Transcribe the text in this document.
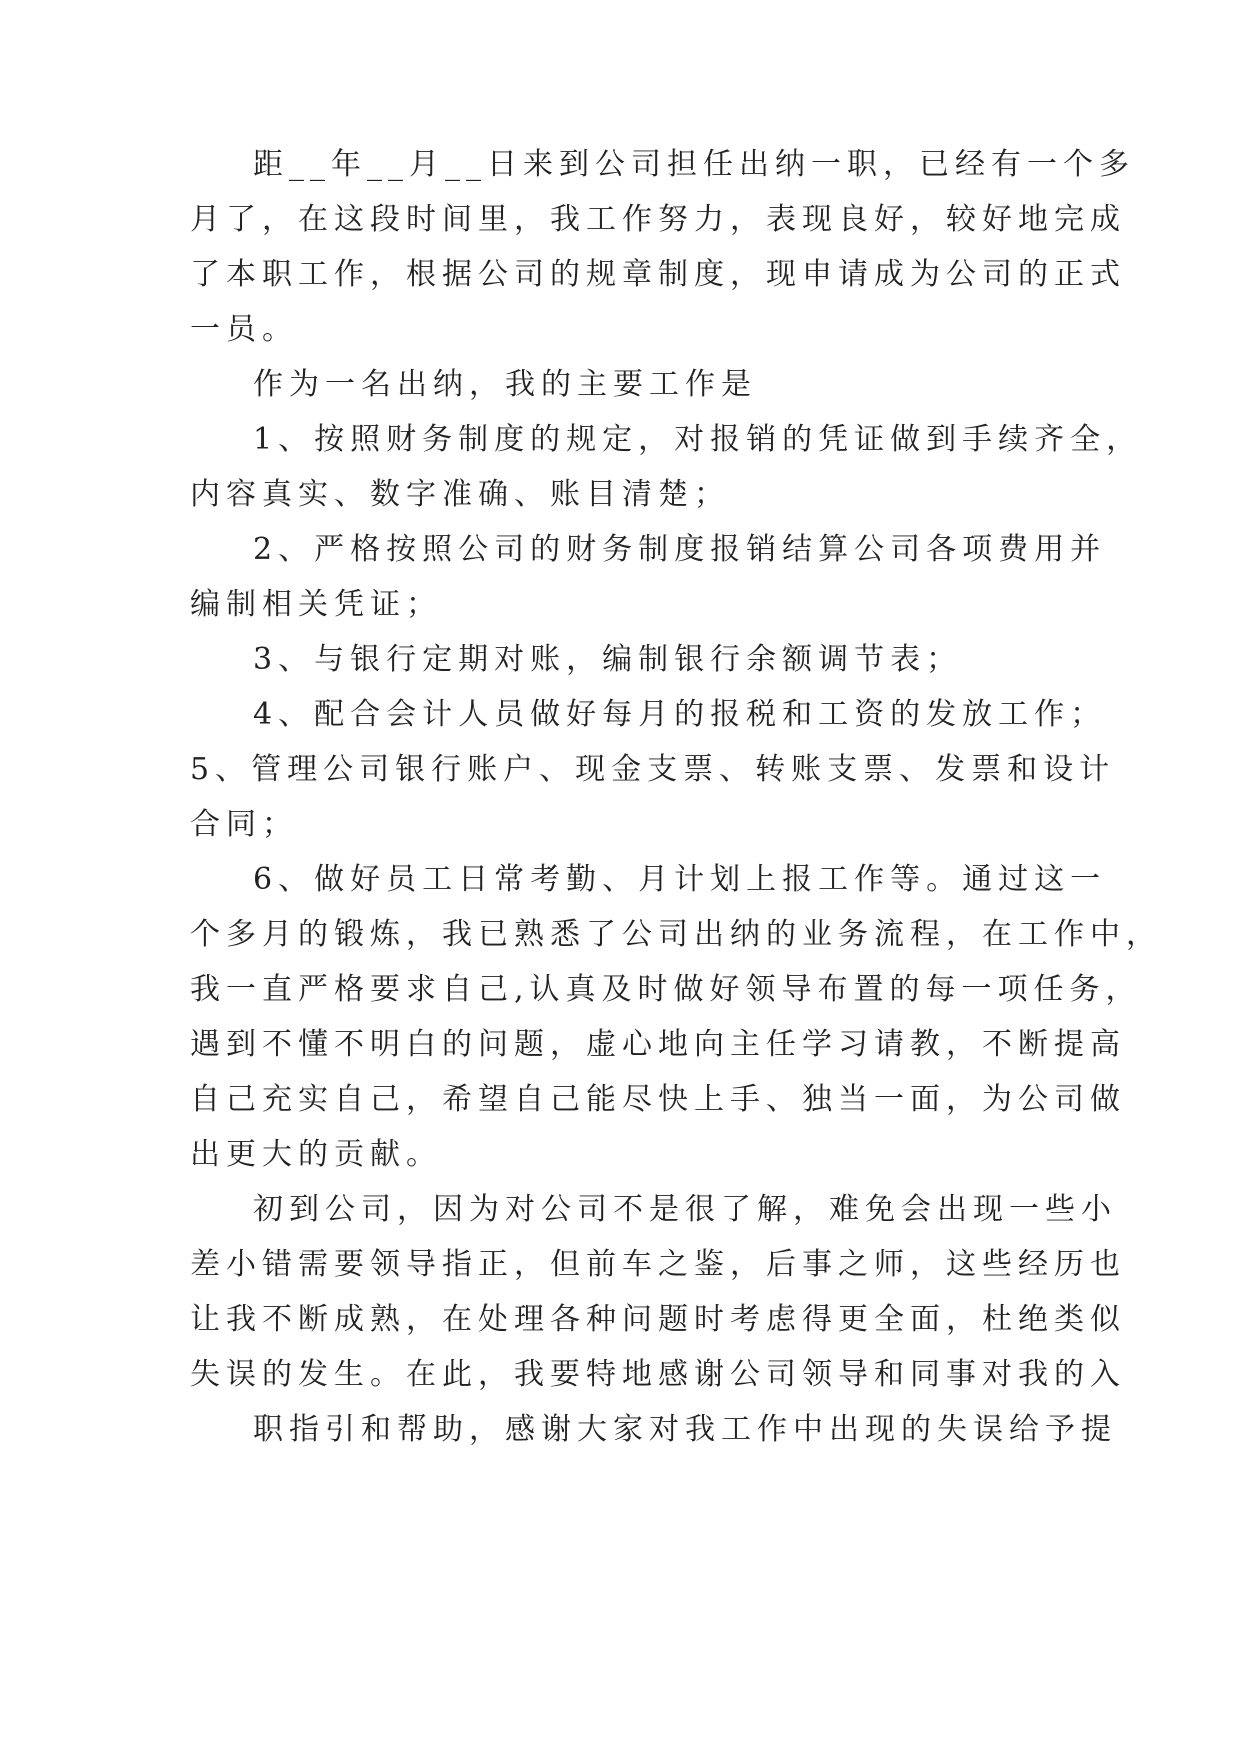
距__年__月__日来到公司担任出纳一职，已经有一个多
月了，在这段时间里，我工作努力，表现良好，较好地完成
了本职工作，根据公司的规章制度，现申请成为公司的正式
一员。
作为一名出纳，我的主要工作是
1、按照财务制度的规定，对报销的凭证做到手续齐全，
内容真实、数字准确、账目清楚；
2、严格按照公司的财务制度报销结算公司各项费用并
编制相关凭证；
3、与银行定期对账，编制银行余额调节表；
4、配合会计人员做好每月的报税和工资的发放工作；
5、管理公司银行账户、现金支票、转账支票、发票和设计
合同；
6、做好员工日常考勤、月计划上报工作等。通过这一
个多月的锻炼，我已熟悉了公司出纳的业务流程，在工作中，
我一直严格要求自己,认真及时做好领导布置的每一项任务，
遇到不懂不明白的问题，虚心地向主任学习请教，不断提高
自己充实自己，希望自己能尽快上手、独当一面，为公司做
出更大的贡献。
初到公司，因为对公司不是很了解，难免会出现一些小
差小错需要领导指正，但前车之鉴，后事之师，这些经历也
让我不断成熟，在处理各种问题时考虑得更全面，杜绝类似
失误的发生。在此，我要特地感谢公司领导和同事对我的入
职指引和帮助，感谢大家对我工作中出现的失误给予提
